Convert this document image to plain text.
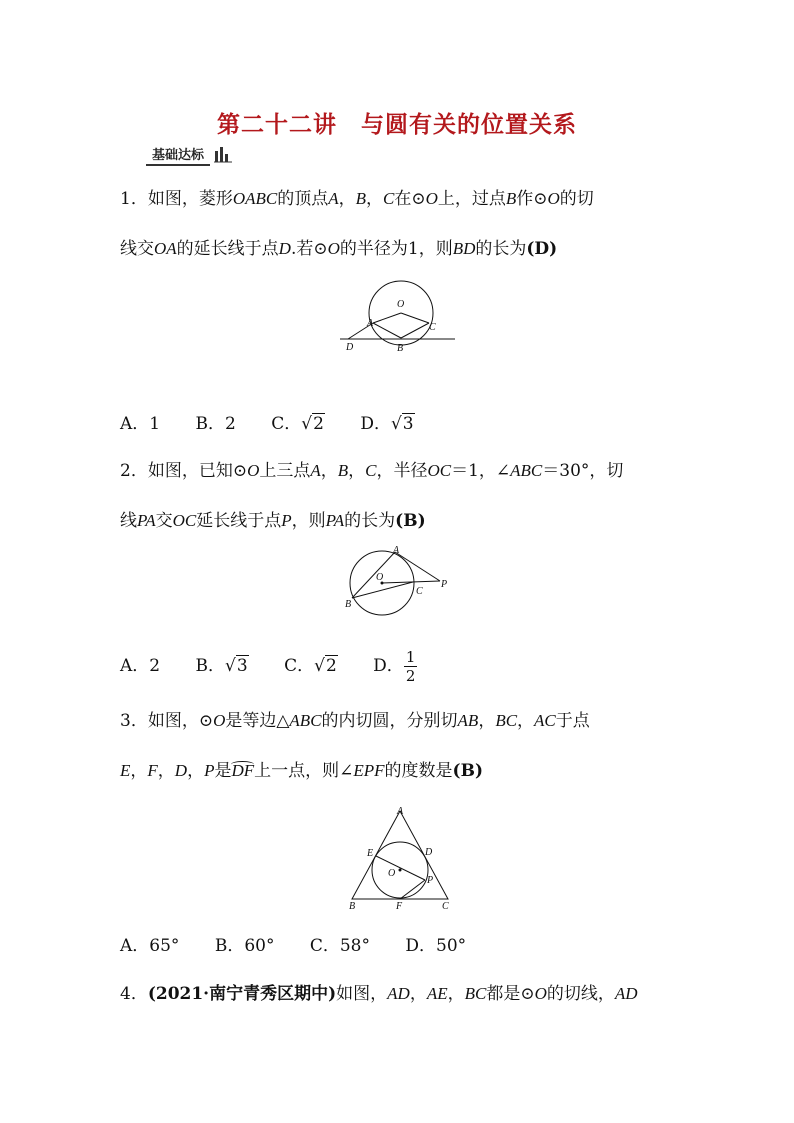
第二十二讲　与圆有关的位置关系
基础达标
1．如图，菱形OABC的顶点A，B，C在⊙O上，过点B作⊙O的切
线交OA的延长线于点D.若⊙O的半径为1，则BD的长为(D)
O
A	C
D	B
A．1 B．2 C．√2 D．√3
2．如图，已知⊙O上三点A，B，C，半径OC＝1，∠ABC＝30°，切
线PA交OC延长线于点P，则PA的长为(B)
A
O
B
C
P
A．2 B．√3 C．√2 D． $\frac{1}{2}$
3．如图，⊙O是等边△ABC的内切圆，分别切AB，BC，AC于点
E，F，D，P是DF上一点，则∠EPF的度数是(B)
A
E	D
O
P
B	F	C
A．65° B．60° C．58° D．50°
4．(2021·南宁青秀区期中)如图，AD，AE，BC都是⊙O的切线，AD
